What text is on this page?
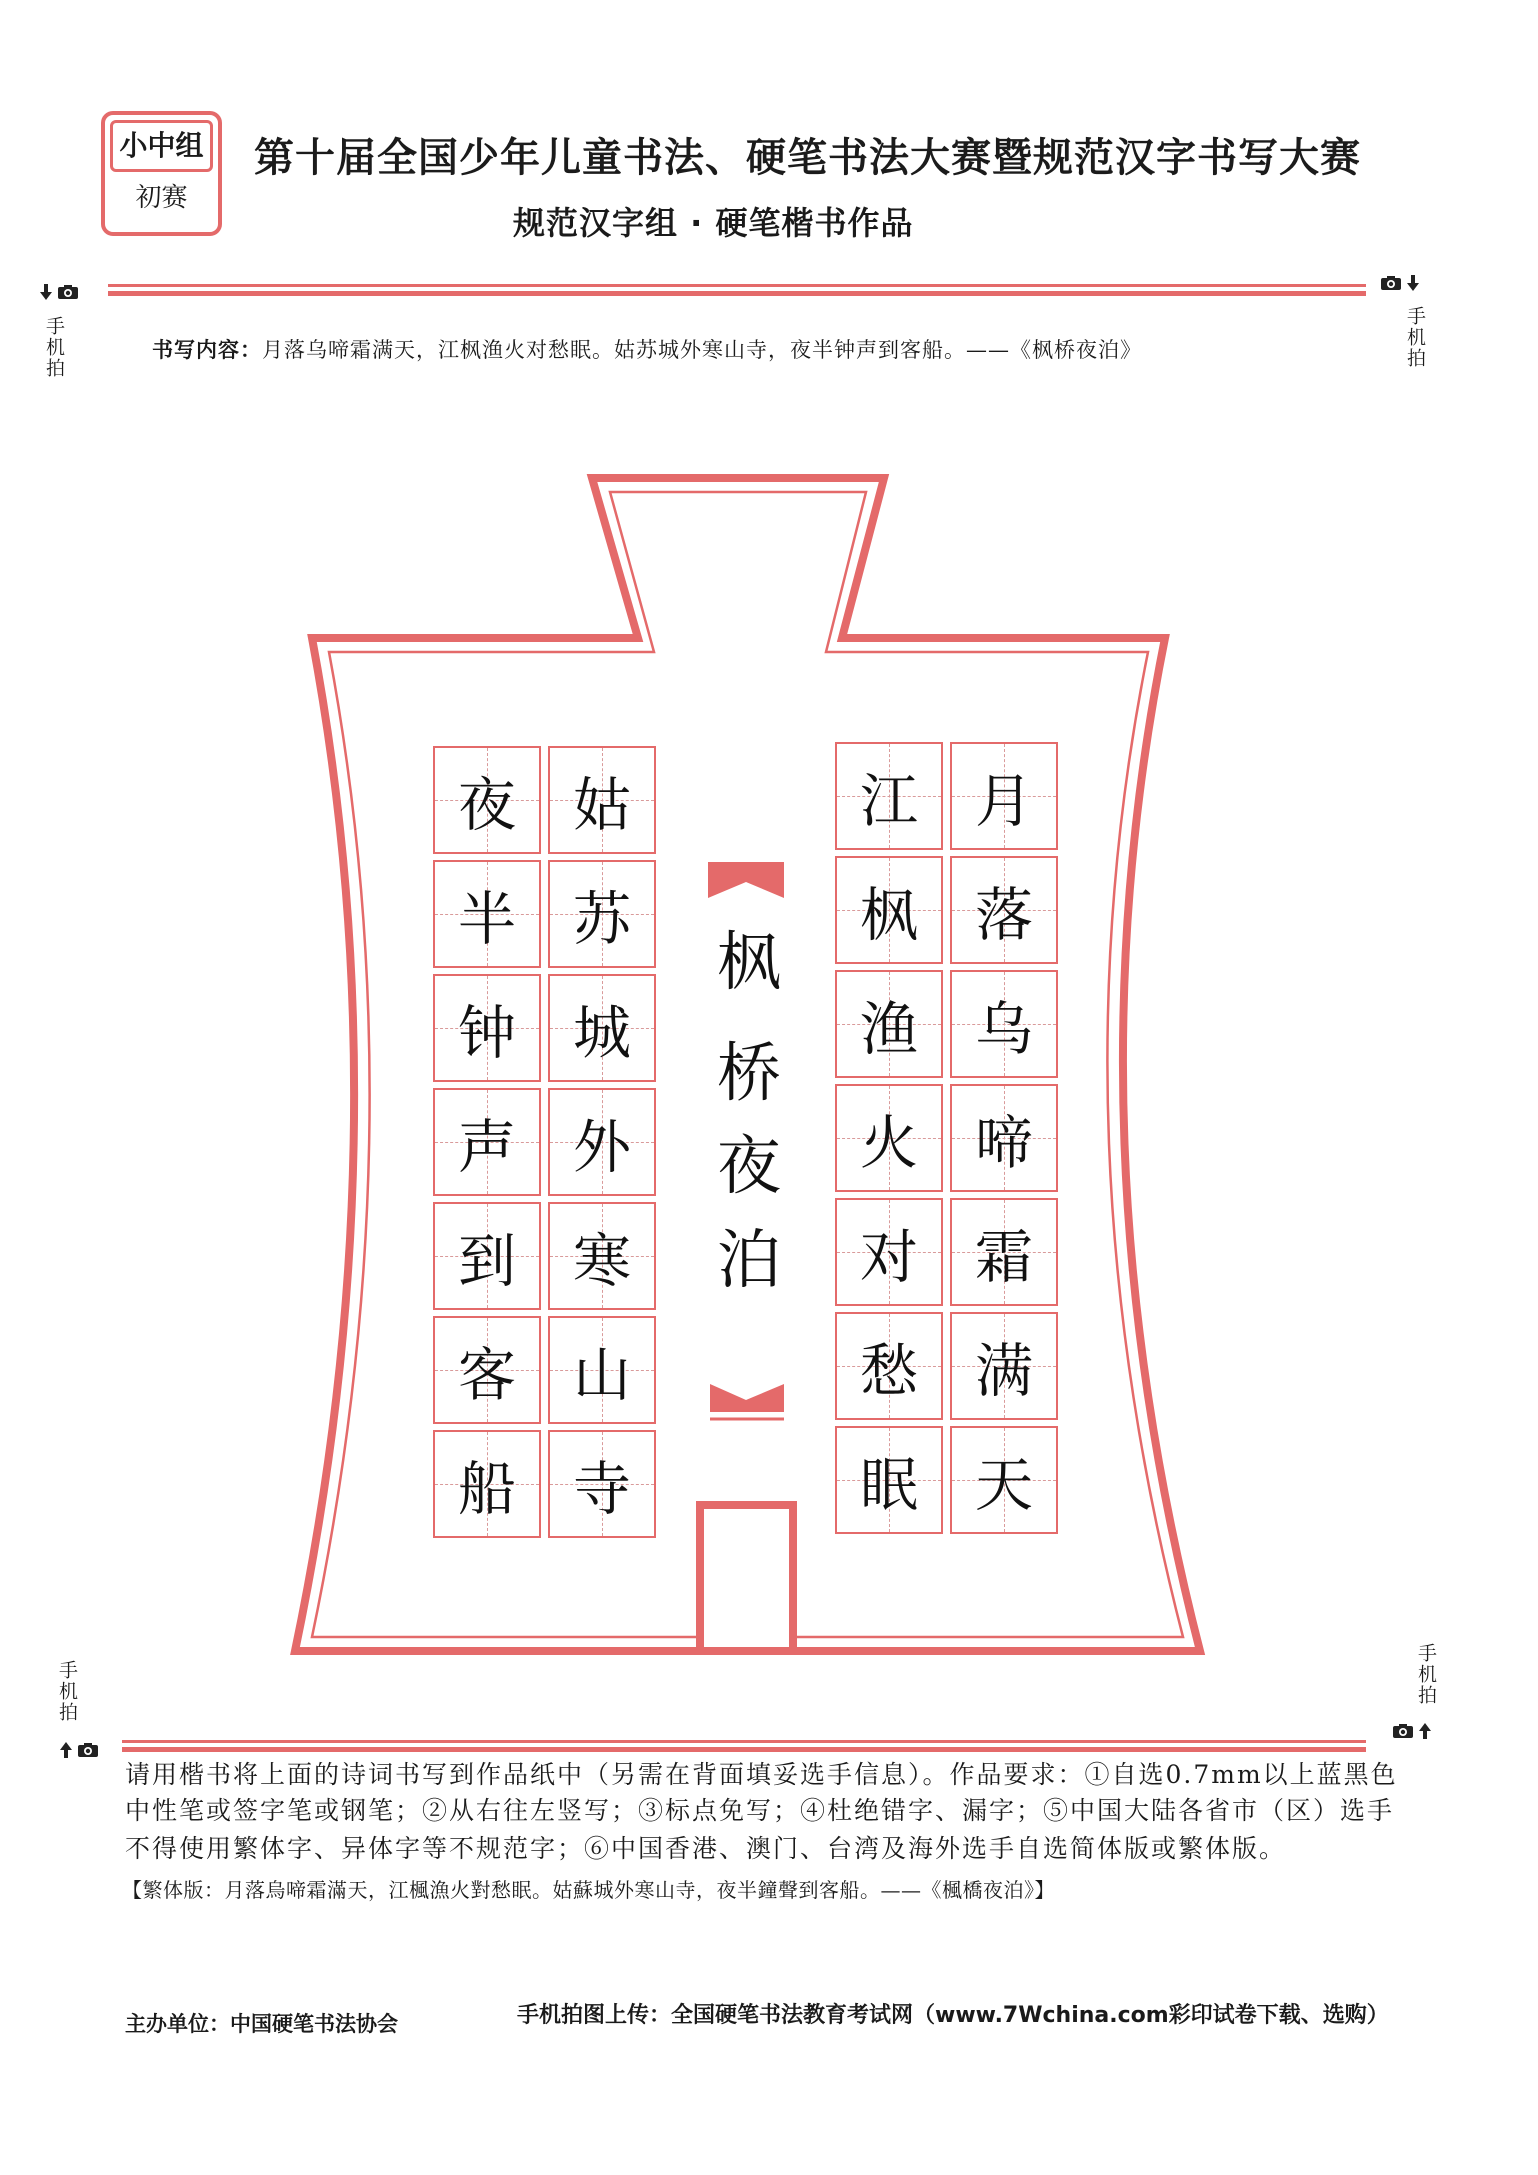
小中组
初赛
第十届全国少年儿童书法、硬笔书法大赛暨规范汉字书写大赛
规范汉字组 · 硬笔楷书作品

手机拍
	手机拍
书写内容：月落乌啼霜满天，江枫渔火对愁眠。姑苏城外寒山寺，夜半钟声到客船。——《枫桥夜泊》
枫
桥
夜
泊
月
落
乌
啼
霜
满
天
江
枫
渔
火
对
愁
眠
姑
苏
城
外
寒
山
寺
夜
半
钟
声
到
客
船
手机拍	手机拍

请用楷书将上面的诗词书写到作品纸中（另需在背面填妥选手信息）。作品要求：①自选0.7mm以上蓝黑色
中性笔或签字笔或钢笔；②从右往左竖写；③标点免写；④杜绝错字、漏字；⑤中国大陆各省市（区）选手
不得使用繁体字、异体字等不规范字；⑥中国香港、澳门、台湾及海外选手自选简体版或繁体版。
【繁体版：月落烏啼霜滿天，江楓漁火對愁眠。姑蘇城外寒山寺，夜半鐘聲到客船。——《楓橋夜泊》】
主办单位：中国硬笔书法协会	手机拍图上传：全国硬笔书法教育考试网（www.7Wchina.com彩印试卷下载、选购）
